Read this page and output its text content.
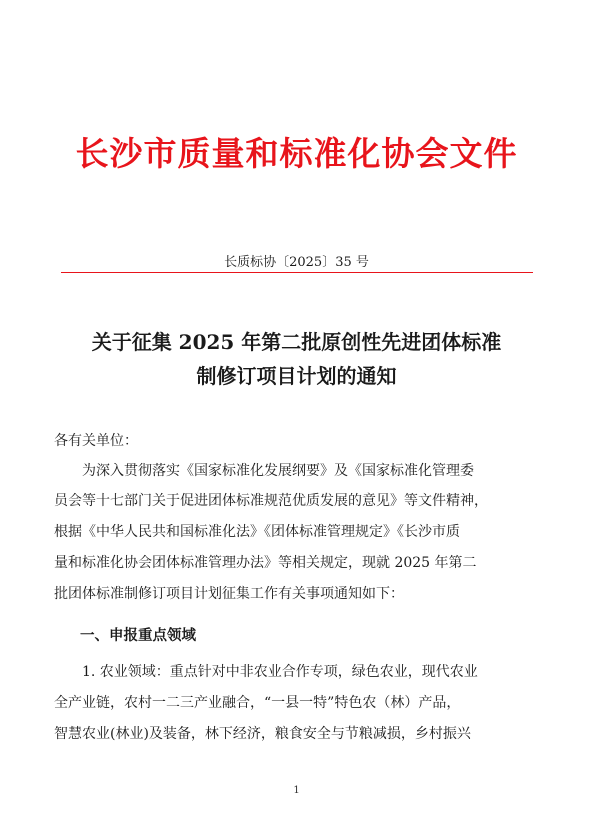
长沙市质量和标准化协会文件
长质标协〔2025〕35 号
关于征集 2025 年第二批原创性先进团体标准
制修订项目计划的通知
各有关单位：
为深入贯彻落实《国家标准化发展纲要》及《国家标准化管理委
员会等十七部门关于促进团体标准规范优质发展的意见》等文件精神，
根据《中华人民共和国标准化法》《团体标准管理规定》《长沙市质
量和标准化协会团体标准管理办法》等相关规定，现就 2025 年第二
批团体标准制修订项目计划征集工作有关事项通知如下：
一、申报重点领域
1. 农业领域：重点针对中非农业合作专项，绿色农业，现代农业
全产业链，农村一二三产业融合，“一县一特”特色农（林）产品，
智慧农业(林业)及装备，林下经济，粮食安全与节粮减损，乡村振兴
1
